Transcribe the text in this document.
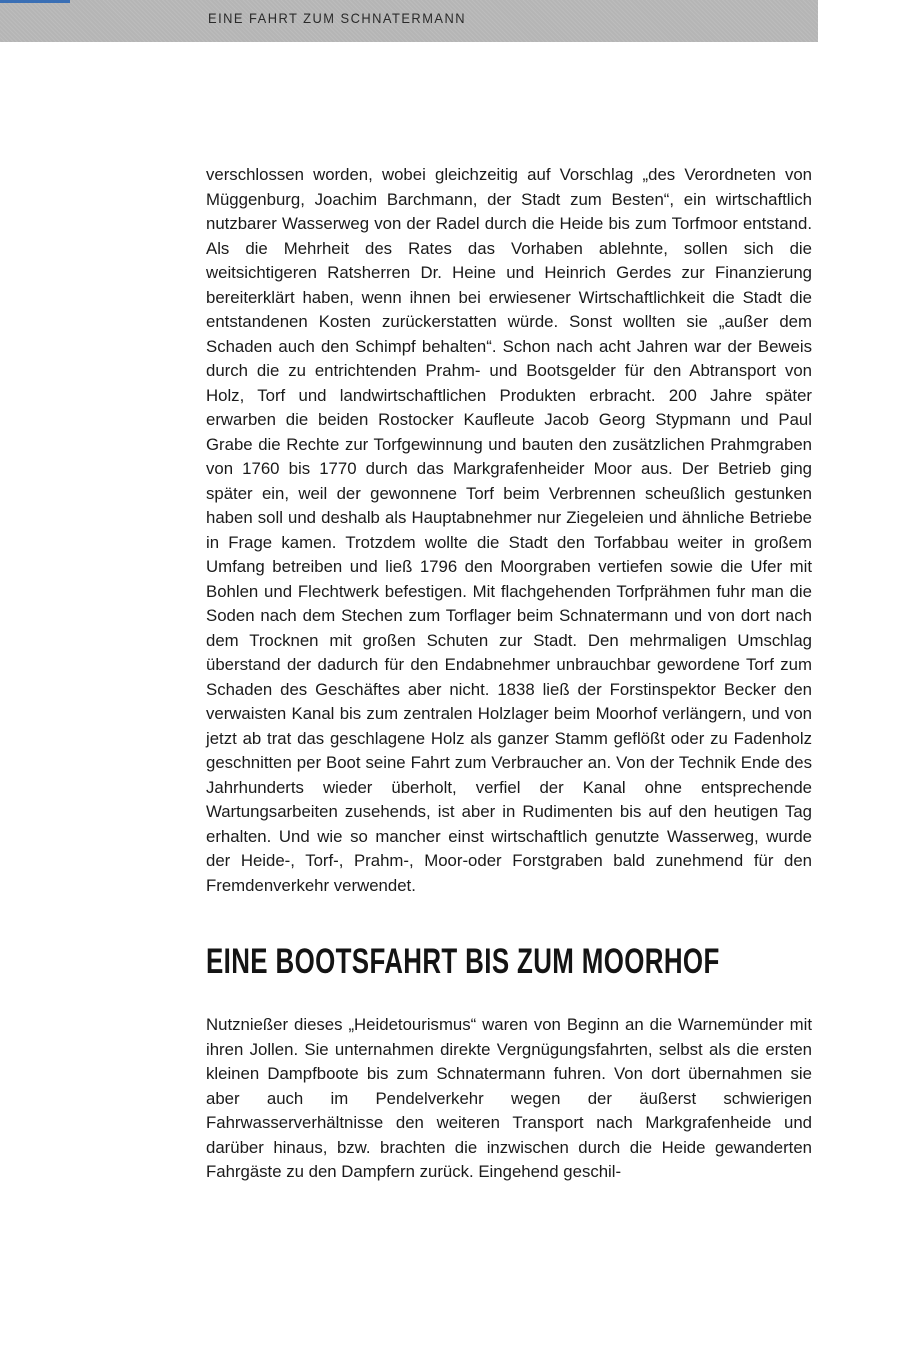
EINE FAHRT ZUM SCHNATERMANN

verschlossen worden, wobei gleichzeitig auf Vorschlag „des Verordneten von Müggenburg, Joachim Barchmann, der Stadt zum Besten“, ein wirtschaftlich nutzbarer Wasserweg von der Radel durch die Heide bis zum Torfmoor entstand. Als die Mehrheit des Rates das Vorhaben ablehnte, sollen sich die weitsichtigeren Ratsherren Dr. Heine und Heinrich Gerdes zur Finanzierung bereiterklärt haben, wenn ihnen bei erwiesener Wirtschaftlichkeit die Stadt die entstandenen Kosten zurückerstatten würde. Sonst wollten sie „außer dem Schaden auch den Schimpf behalten“. Schon nach acht Jahren war der Beweis durch die zu entrichtenden Prahm- und Bootsgelder für den Abtransport von Holz, Torf und landwirtschaftlichen Produkten erbracht. 200 Jahre später erwarben die beiden Rostocker Kaufleute Jacob Georg Stypmann und Paul Grabe die Rechte zur Torfgewinnung und bauten den zusätzlichen Prahmgraben von 1760 bis 1770 durch das Markgrafenheider Moor aus. Der Betrieb ging später ein, weil der gewonnene Torf beim Verbrennen scheußlich gestunken haben soll und deshalb als Hauptabnehmer nur Ziegeleien und ähnliche Betriebe in Frage kamen. Trotzdem wollte die Stadt den Torfabbau weiter in großem Umfang betreiben und ließ 1796 den Moorgraben vertiefen sowie die Ufer mit Bohlen und Flechtwerk befestigen. Mit flachgehenden Torfprähmen fuhr man die Soden nach dem Stechen zum Torflager beim Schnatermann und von dort nach dem Trocknen mit großen Schuten zur Stadt. Den mehrmaligen Umschlag überstand der dadurch für den Endabnehmer unbrauchbar gewordene Torf zum Schaden des Geschäftes aber nicht. 1838 ließ der Forstinspektor Becker den verwaisten Kanal bis zum zentralen Holzlager beim Moorhof verlängern, und von jetzt ab trat das geschlagene Holz als ganzer Stamm geflößt oder zu Fadenholz geschnitten per Boot seine Fahrt zum Verbraucher an. Von der Technik Ende des Jahrhunderts wieder überholt, verfiel der Kanal ohne entsprechende Wartungsarbeiten zusehends, ist aber in Rudimenten bis auf den heutigen Tag erhalten. Und wie so mancher einst wirtschaftlich genutzte Wasserweg, wurde der Heide-, Torf-, Prahm-, Moor-oder Forstgraben bald zunehmend für den Fremdenverkehr verwendet.

EINE BOOTSFAHRT BIS ZUM MOORHOF

Nutznießer dieses „Heidetourismus“ waren von Beginn an die Warnemünder mit ihren Jollen. Sie unternahmen direkte Vergnügungsfahrten, selbst als die ersten kleinen Dampfboote bis zum Schnatermann fuhren. Von dort übernahmen sie aber auch im Pendelverkehr wegen der äußerst schwierigen Fahrwasserverhältnisse den weiteren Transport nach Markgrafenheide und darüber hinaus, bzw. brachten die inzwischen durch die Heide gewanderten Fahrgäste zu den Dampfern zurück. Eingehend geschil-
